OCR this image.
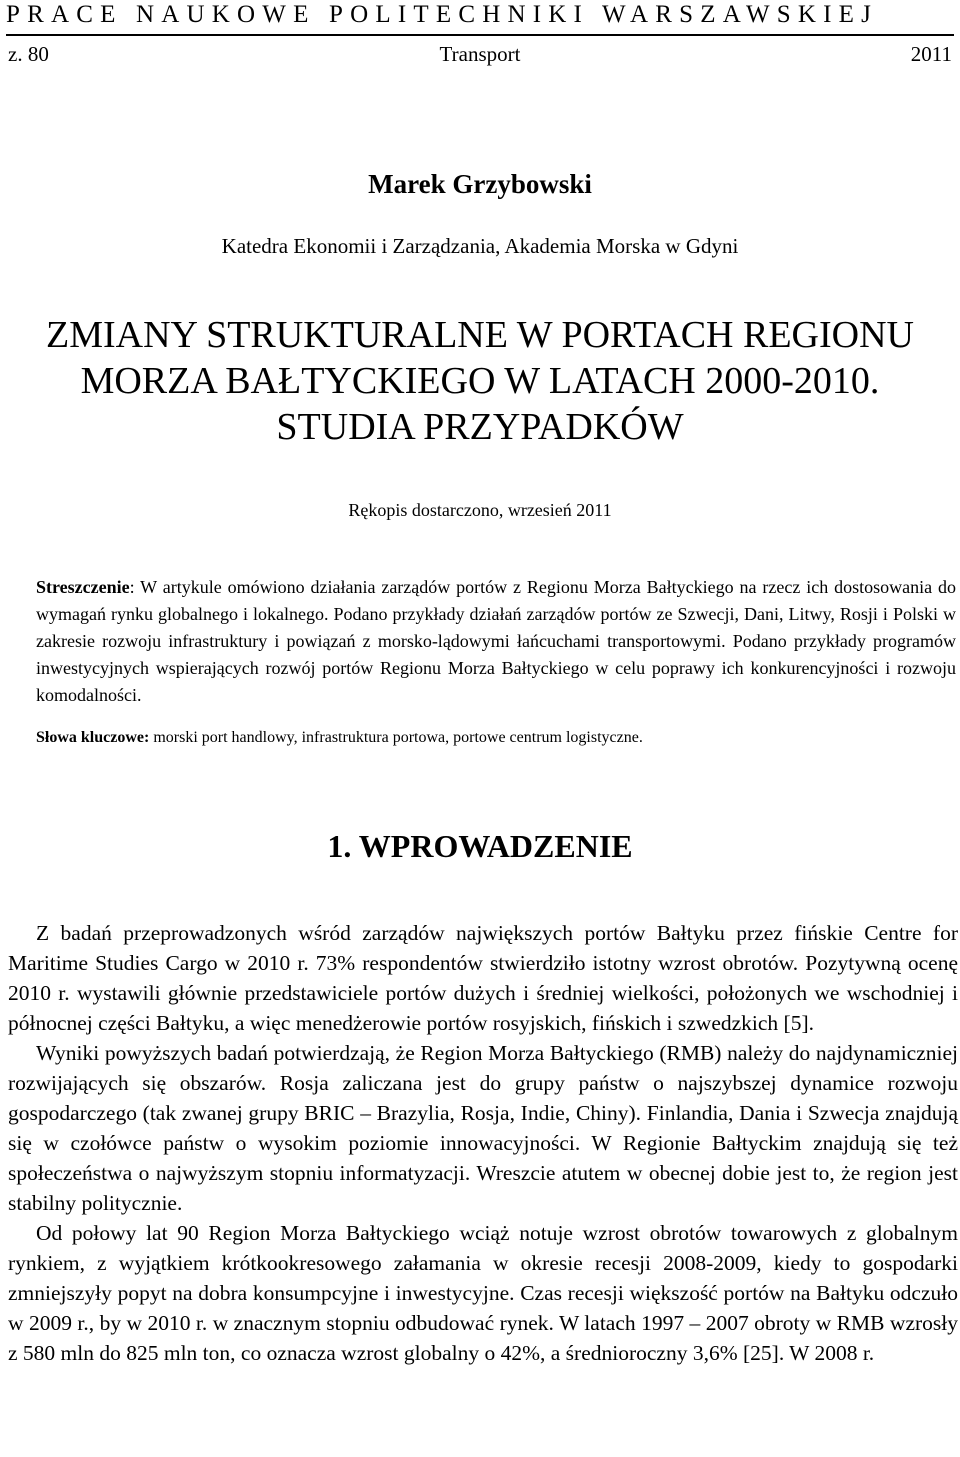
PRACE NAUKOWE POLITECHNIKI WARSZAWSKIEJ
z. 80	Transport	2011
Marek Grzybowski
Katedra Ekonomii i Zarządzania, Akademia Morska w Gdyni
ZMIANY STRUKTURALNE W PORTACH REGIONU
MORZA BAŁTYCKIEGO W LATACH 2000-2010.
STUDIA PRZYPADKÓW
Rękopis dostarczono, wrzesień 2011

Streszczenie: W artykule omówiono działania zarządów portów z Regionu Morza Bałtyckiego na rzecz ich dostosowania do wymagań rynku globalnego i lokalnego. Podano przykłady działań zarządów portów ze Szwecji, Dani, Litwy, Rosji i Polski w zakresie rozwoju infrastruktury i powiązań z morsko-lądowymi łańcuchami transportowymi. Podano przykłady programów inwestycyjnych wspierających rozwój portów Regionu Morza Bałtyckiego w celu poprawy ich konkurencyjności i rozwoju komodalności.

Słowa kluczowe: morski port handlowy, infrastruktura portowa, portowe centrum logistyczne.

1. WPROWADZENIE

Z badań przeprowadzonych wśród zarządów największych portów Bałtyku przez fińskie Centre for Maritime Studies Cargo w 2010 r. 73% respondentów stwierdziło istotny wzrost obrotów. Pozytywną ocenę 2010 r. wystawili głównie przedstawiciele portów dużych i średniej wielkości, położonych we wschodniej i północnej części Bałtyku, a więc menedżerowie portów rosyjskich, fińskich i szwedzkich [5].

Wyniki powyższych badań potwierdzają, że Region Morza Bałtyckiego (RMB) należy do najdynamiczniej rozwijających się obszarów. Rosja zaliczana jest do grupy państw o najszybszej dynamice rozwoju gospodarczego (tak zwanej grupy BRIC – Brazylia, Rosja, Indie, Chiny). Finlandia, Dania i Szwecja znajdują się w czołówce państw o wysokim poziomie innowacyjności. W Regionie Bałtyckim znajdują się też społeczeństwa o najwyższym stopniu informatyzacji. Wreszcie atutem w obecnej dobie jest to, że region jest stabilny politycznie.

Od połowy lat 90 Region Morza Bałtyckiego wciąż notuje wzrost obrotów towarowych z globalnym rynkiem, z wyjątkiem krótkookresowego załamania w okresie recesji 2008-2009, kiedy to gospodarki zmniejszyły popyt na dobra konsumpcyjne i inwestycyjne. Czas recesji większość portów na Bałtyku odczuło w 2009 r., by w 2010 r. w znacznym stopniu odbudować rynek. W latach 1997 – 2007 obroty w RMB wzrosły z 580 mln do 825 mln ton, co oznacza wzrost globalny o 42%, a średnioroczny 3,6% [25]. W 2008 r.
